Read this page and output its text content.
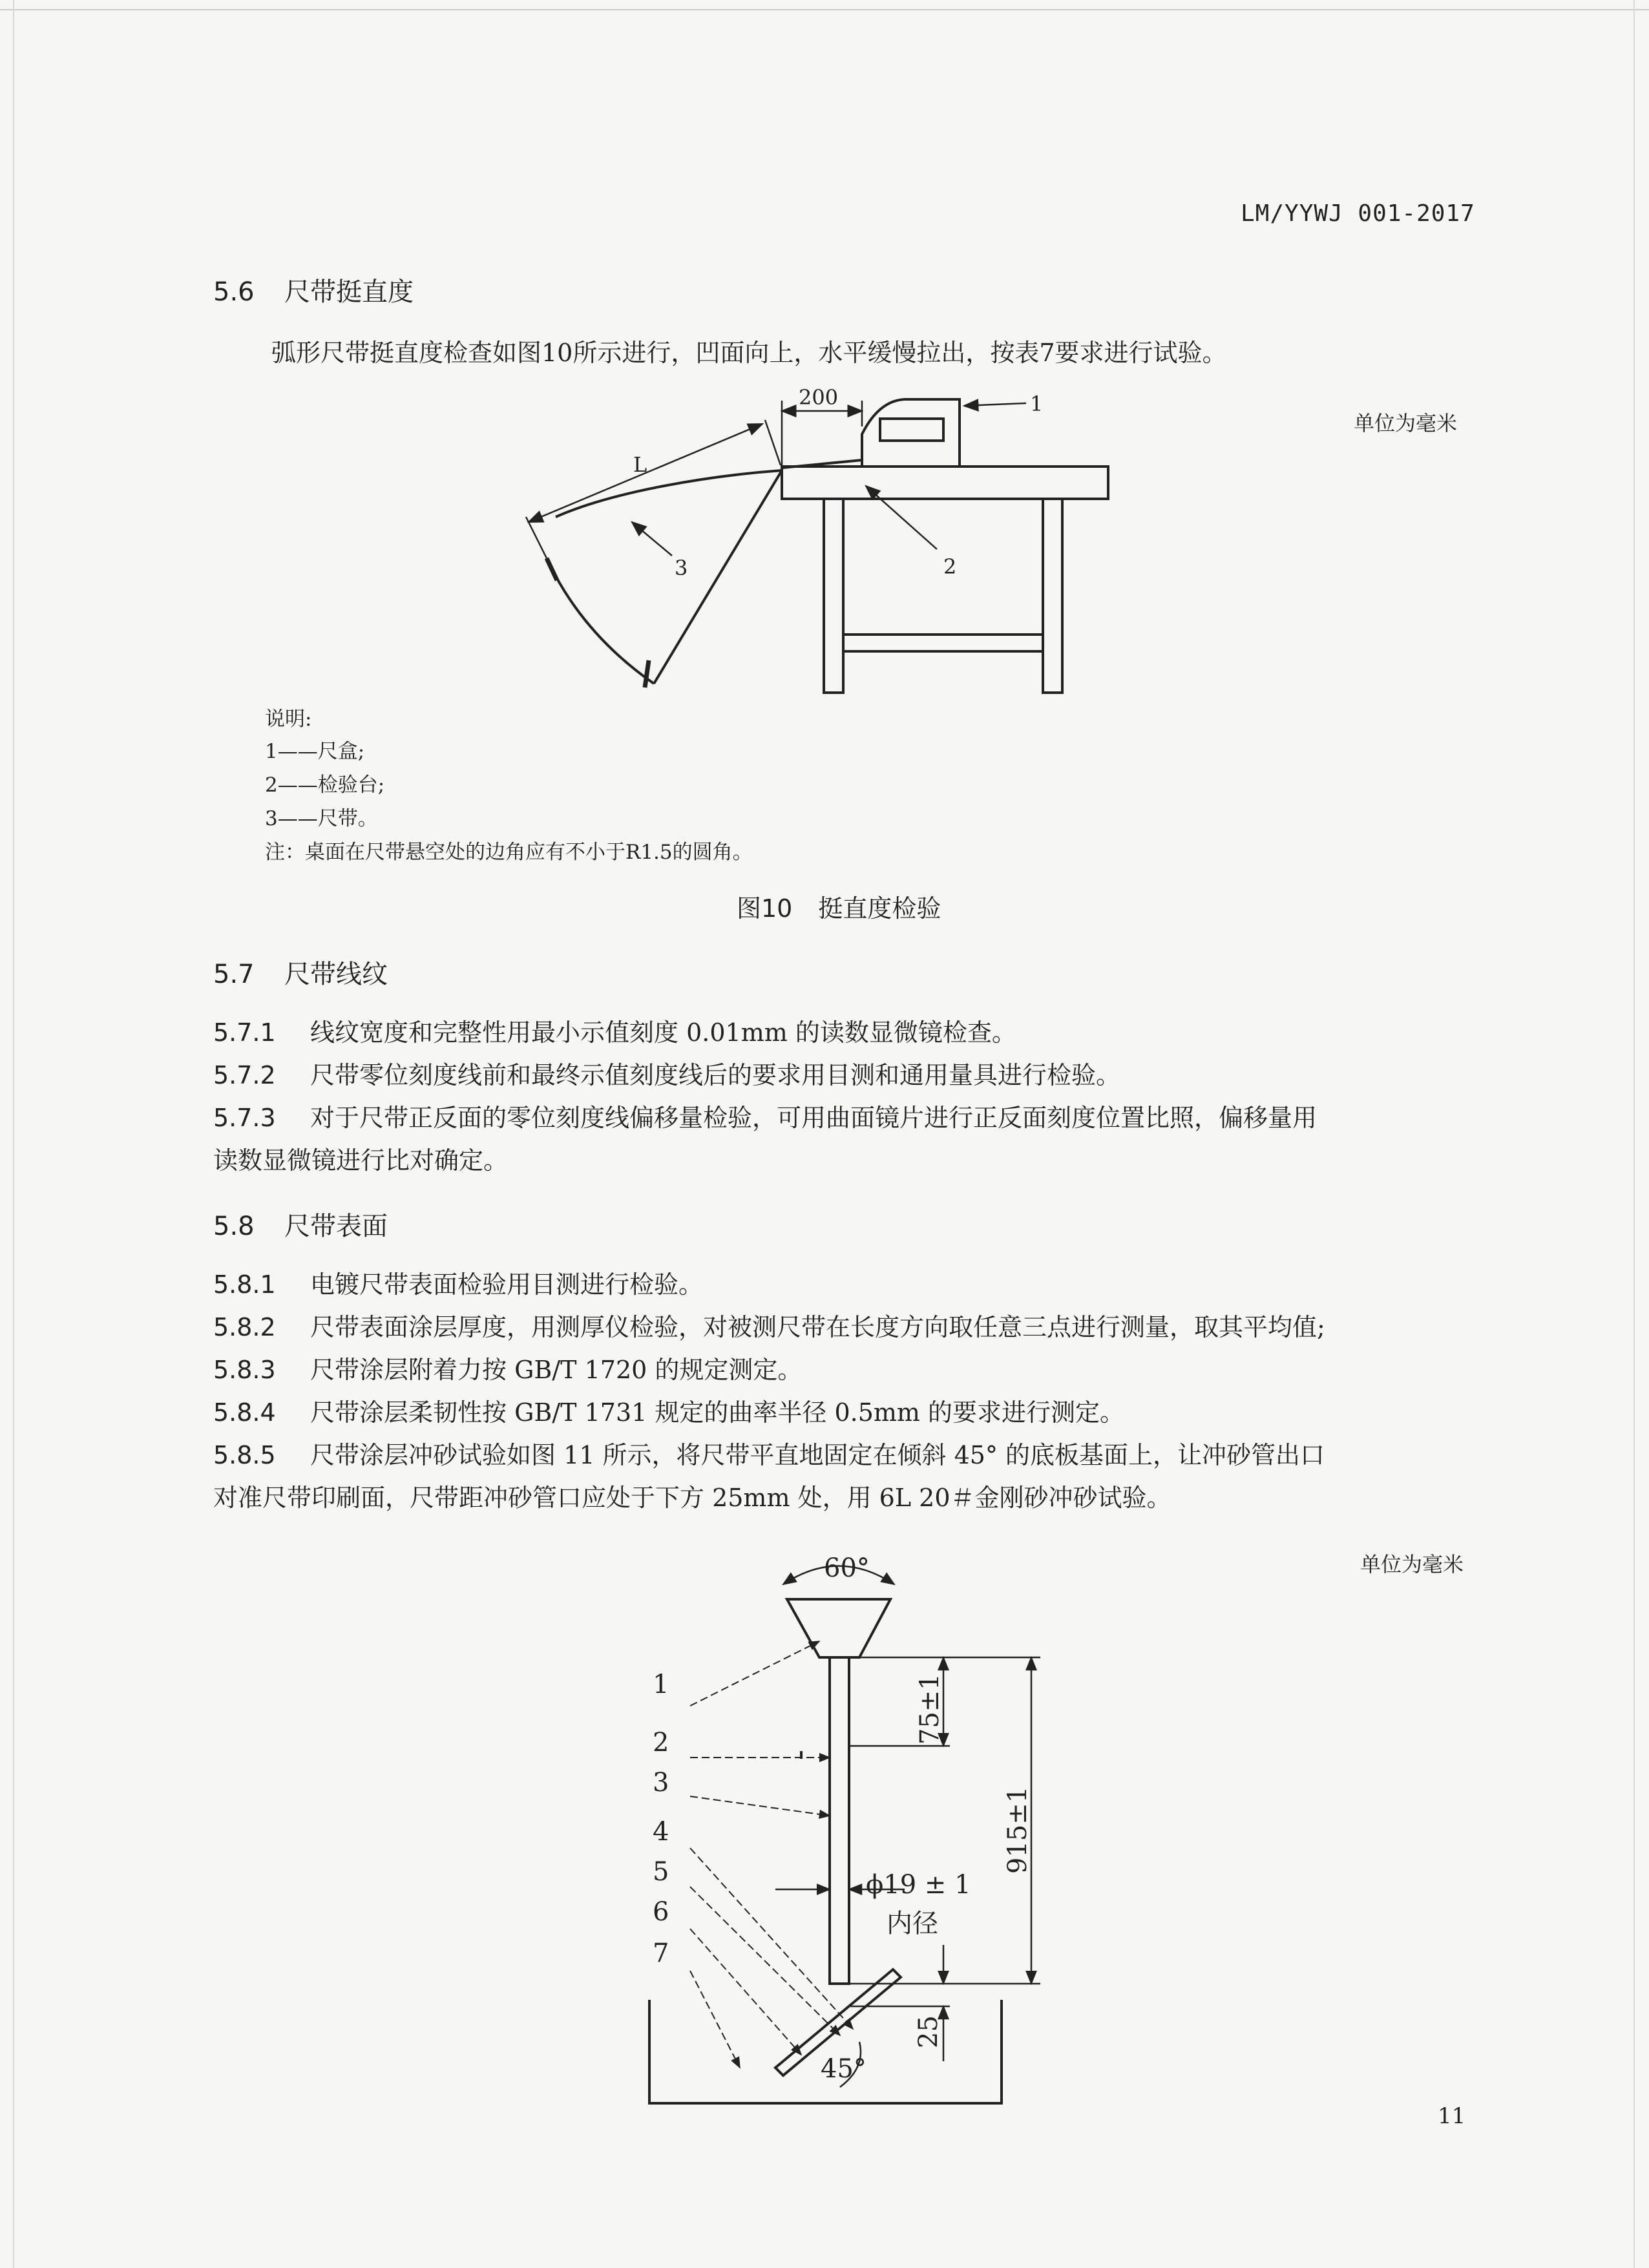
LM/YYWJ 001-2017
5.6 尺带挺直度
弧形尺带挺直度检查如图10所示进行，凹面向上，水平缓慢拉出，按表7要求进行试验。
单位为毫米
200
L
1
2
3
说明:
1——尺盒;
2——检验台;
3——尺带。
注：桌面在尺带悬空处的边角应有不小于R1.5的圆角。
图10 挺直度检验
5.7 尺带线纹
5.7.1 线纹宽度和完整性用最小示值刻度 0.01mm 的读数显微镜检查。
5.7.2 尺带零位刻度线前和最终示值刻度线后的要求用目测和通用量具进行检验。
5.7.3 对于尺带正反面的零位刻度线偏移量检验，可用曲面镜片进行正反面刻度位置比照，偏移量用
读数显微镜进行比对确定。
5.8 尺带表面
5.8.1 电镀尺带表面检验用目测进行检验。
5.8.2 尺带表面涂层厚度，用测厚仪检验，对被测尺带在长度方向取任意三点进行测量，取其平均值;
5.8.3 尺带涂层附着力按 GB/T 1720 的规定测定。
5.8.4 尺带涂层柔韧性按 GB/T 1731 规定的曲率半径 0.5mm 的要求进行测定。
5.8.5 尺带涂层冲砂试验如图 11 所示，将尺带平直地固定在倾斜 45° 的底板基面上，让冲砂管出口
对准尺带印刷面，尺带距冲砂管口应处于下方 25mm 处，用 6L 20＃金刚砂冲砂试验。
单位为毫米
60°
45°
ϕ19 ± 1
内径
75±1
915±1
25
1
2
3
4
5
6
7
11
